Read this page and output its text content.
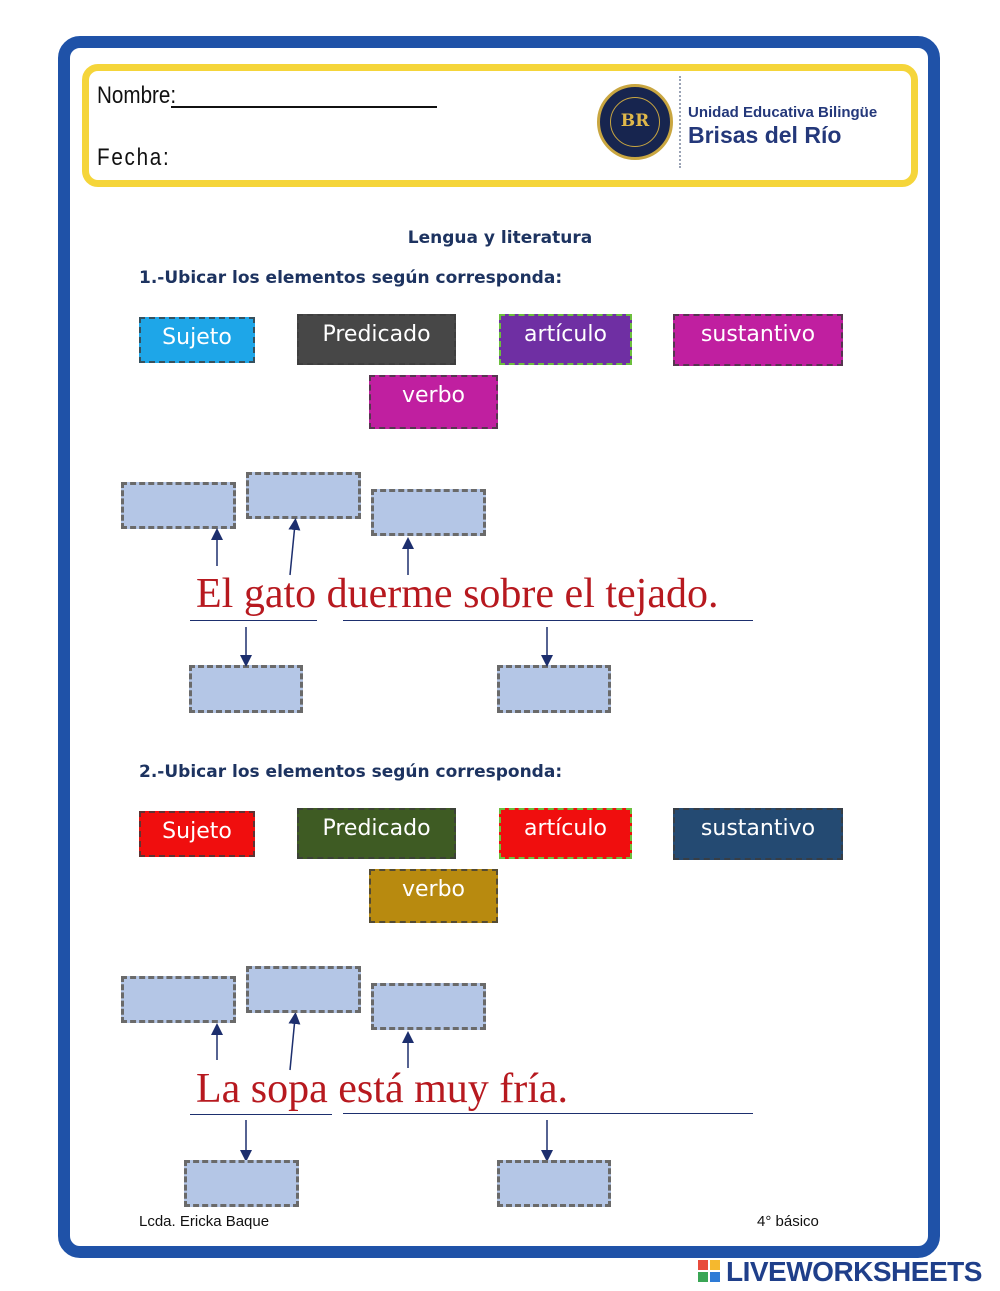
Nombre:
Fecha:
BR	Unidad Educativa Bilingüe
Brisas del Río
Lengua y literatura
1.-Ubicar los elementos según corresponda:
Sujeto	Predicado	artículo	sustantivo
verbo
El gato duerme sobre el tejado.
2.-Ubicar los elementos según corresponda:
Sujeto	Predicado	artículo	sustantivo
verbo
La sopa está muy fría.
Lcda. Ericka Baque	4° básico
LIVEWORKSHEETS
